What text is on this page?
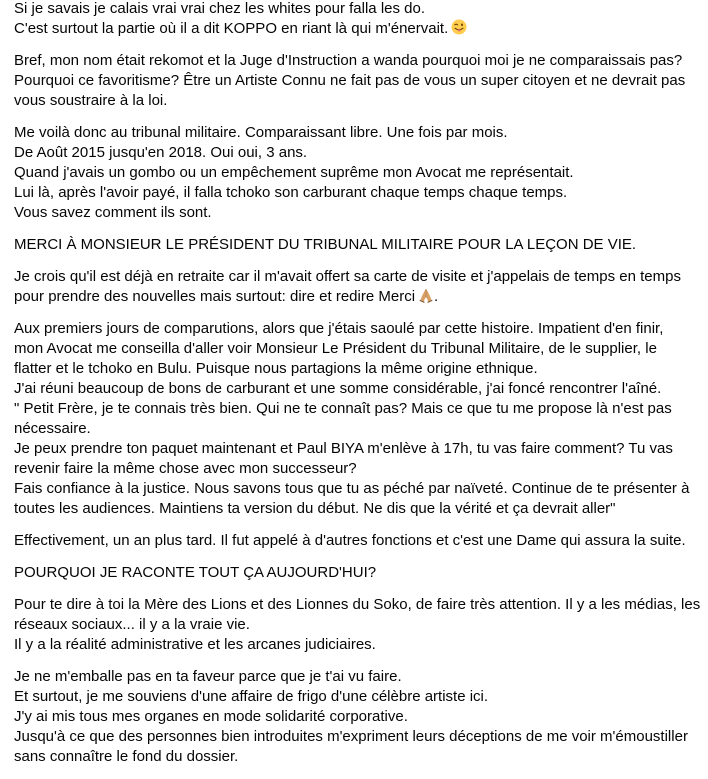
Si je savais je calais vrai vrai chez les whites pour falla les do.
C'est surtout la partie où il a dit KOPPO en riant là qui m'énervait.
Bref, mon nom était rekomot et la Juge d'Instruction a wanda pourquoi moi je ne comparaissais pas?
Pourquoi ce favoritisme? Être un Artiste Connu ne fait pas de vous un super citoyen et ne devrait pas
vous soustraire à la loi.
Me voilà donc au tribunal militaire. Comparaissant libre. Une fois par mois.
De Août 2015 jusqu'en 2018. Oui oui, 3 ans.
Quand j'avais un gombo ou un empêchement suprême mon Avocat me représentait.
Lui là, après l'avoir payé, il falla tchoko son carburant chaque temps chaque temps.
Vous savez comment ils sont.
MERCI À MONSIEUR LE PRÉSIDENT DU TRIBUNAL MILITAIRE POUR LA LEÇON DE VIE.
Je crois qu'il est déjà en retraite car il m'avait offert sa carte de visite et j'appelais de temps en temps
pour prendre des nouvelles mais surtout: dire et redire Merci .
Aux premiers jours de comparutions, alors que j'étais saoulé par cette histoire. Impatient d'en finir,
mon Avocat me conseilla d'aller voir Monsieur Le Président du Tribunal Militaire, de le supplier, le
flatter et le tchoko en Bulu. Puisque nous partagions la même origine ethnique.
J'ai réuni beaucoup de bons de carburant et une somme considérable, j'ai foncé rencontrer l'aîné.
" Petit Frère, je te connais très bien. Qui ne te connaît pas? Mais ce que tu me propose là n'est pas
nécessaire.
Je peux prendre ton paquet maintenant et Paul BIYA m'enlève à 17h, tu vas faire comment? Tu vas
revenir faire la même chose avec mon successeur?
Fais confiance à la justice. Nous savons tous que tu as péché par naïveté. Continue de te présenter à
toutes les audiences. Maintiens ta version du début. Ne dis que la vérité et ça devrait aller"
Effectivement, un an plus tard. Il fut appelé à d'autres fonctions et c'est une Dame qui assura la suite.
POURQUOI JE RACONTE TOUT ÇA AUJOURD'HUI?
Pour te dire à toi la Mère des Lions et des Lionnes du Soko, de faire très attention. Il y a les médias, les
réseaux sociaux... il y a la vraie vie.
Il y a la réalité administrative et les arcanes judiciaires.
Je ne m'emballe pas en ta faveur parce que je t'ai vu faire.
Et surtout, je me souviens d'une affaire de frigo d'une célèbre artiste ici.
J'y ai mis tous mes organes en mode solidarité corporative.
Jusqu'à ce que des personnes bien introduites m'expriment leurs déceptions de me voir m'émoustiller
sans connaître le fond du dossier.
